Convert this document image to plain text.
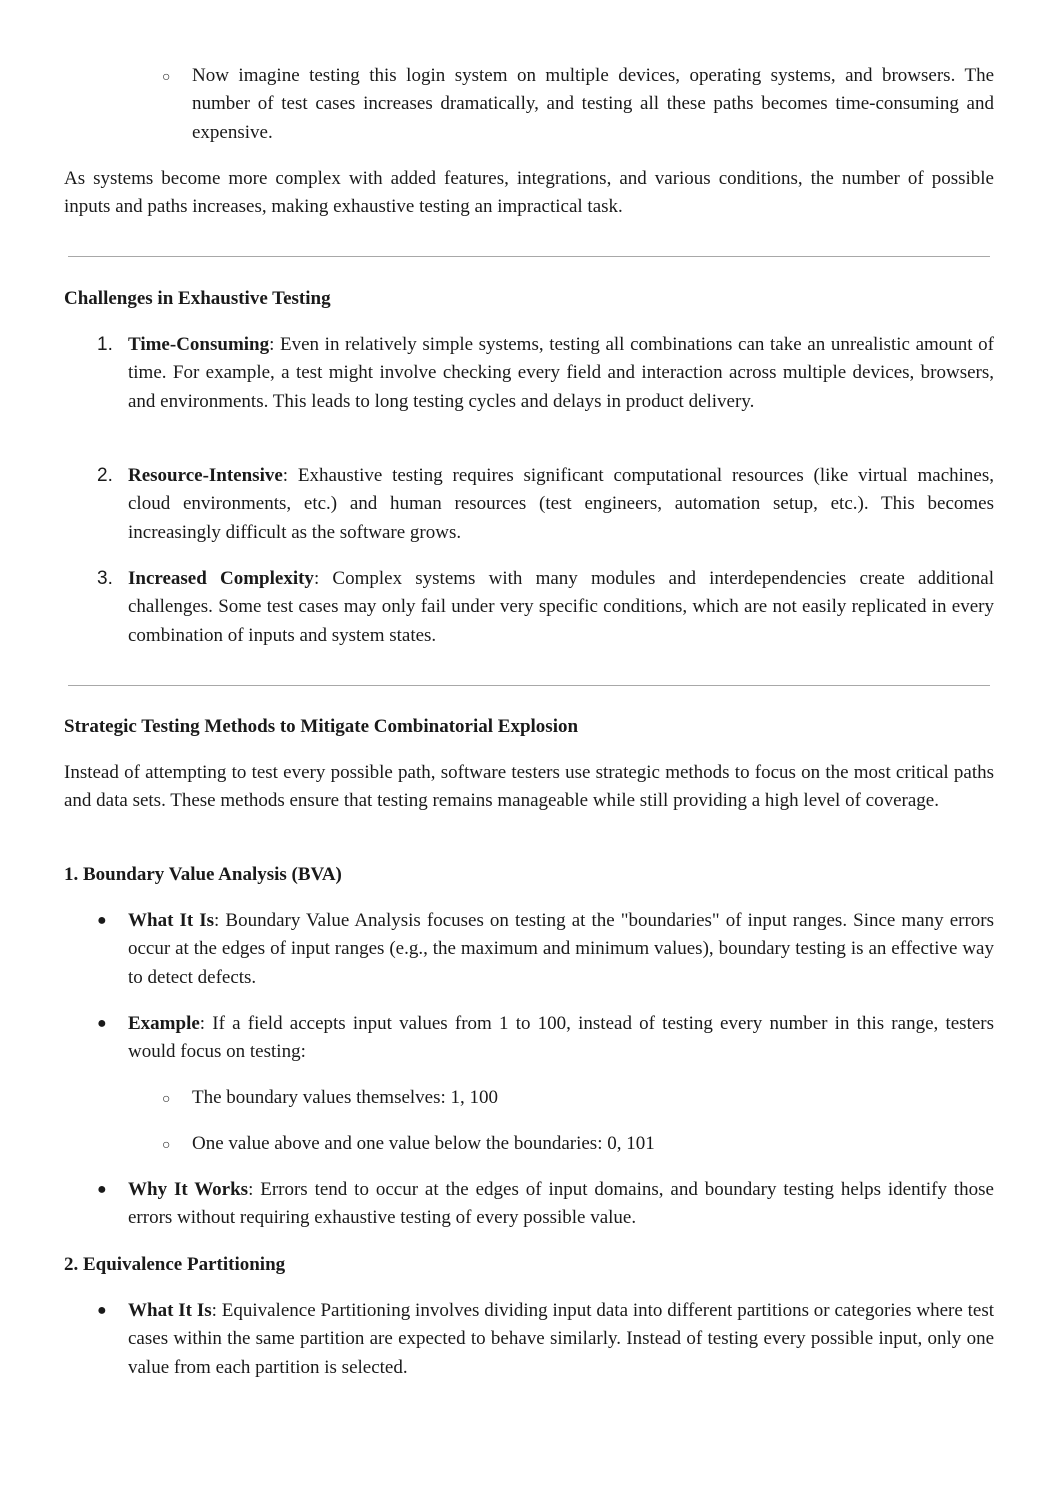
○ Now imagine testing this login system on multiple devices, operating systems, and browsers. The number of test cases increases dramatically, and testing all these paths becomes time-consuming and expensive.

As systems become more complex with added features, integrations, and various conditions, the number of possible inputs and paths increases, making exhaustive testing an impractical task.

Challenges in Exhaustive Testing

1. Time-Consuming: Even in relatively simple systems, testing all combinations can take an unrealistic amount of time. For example, a test might involve checking every field and interaction across multiple devices, browsers, and environments. This leads to long testing cycles and delays in product delivery.

2. Resource-Intensive: Exhaustive testing requires significant computational resources (like virtual machines, cloud environments, etc.) and human resources (test engineers, automation setup, etc.). This becomes increasingly difficult as the software grows.

3. Increased Complexity: Complex systems with many modules and interdependencies create additional challenges. Some test cases may only fail under very specific conditions, which are not easily replicated in every combination of inputs and system states.

Strategic Testing Methods to Mitigate Combinatorial Explosion

Instead of attempting to test every possible path, software testers use strategic methods to focus on the most critical paths and data sets. These methods ensure that testing remains manageable while still providing a high level of coverage.

1. Boundary Value Analysis (BVA)

● What It Is: Boundary Value Analysis focuses on testing at the "boundaries" of input ranges. Since many errors occur at the edges of input ranges (e.g., the maximum and minimum values), boundary testing is an effective way to detect defects.

● Example: If a field accepts input values from 1 to 100, instead of testing every number in this range, testers would focus on testing:

○ The boundary values themselves: 1, 100

○ One value above and one value below the boundaries: 0, 101

● Why It Works: Errors tend to occur at the edges of input domains, and boundary testing helps identify those errors without requiring exhaustive testing of every possible value.

2. Equivalence Partitioning

● What It Is: Equivalence Partitioning involves dividing input data into different partitions or categories where test cases within the same partition are expected to behave similarly. Instead of testing every possible input, only one value from each partition is selected.
